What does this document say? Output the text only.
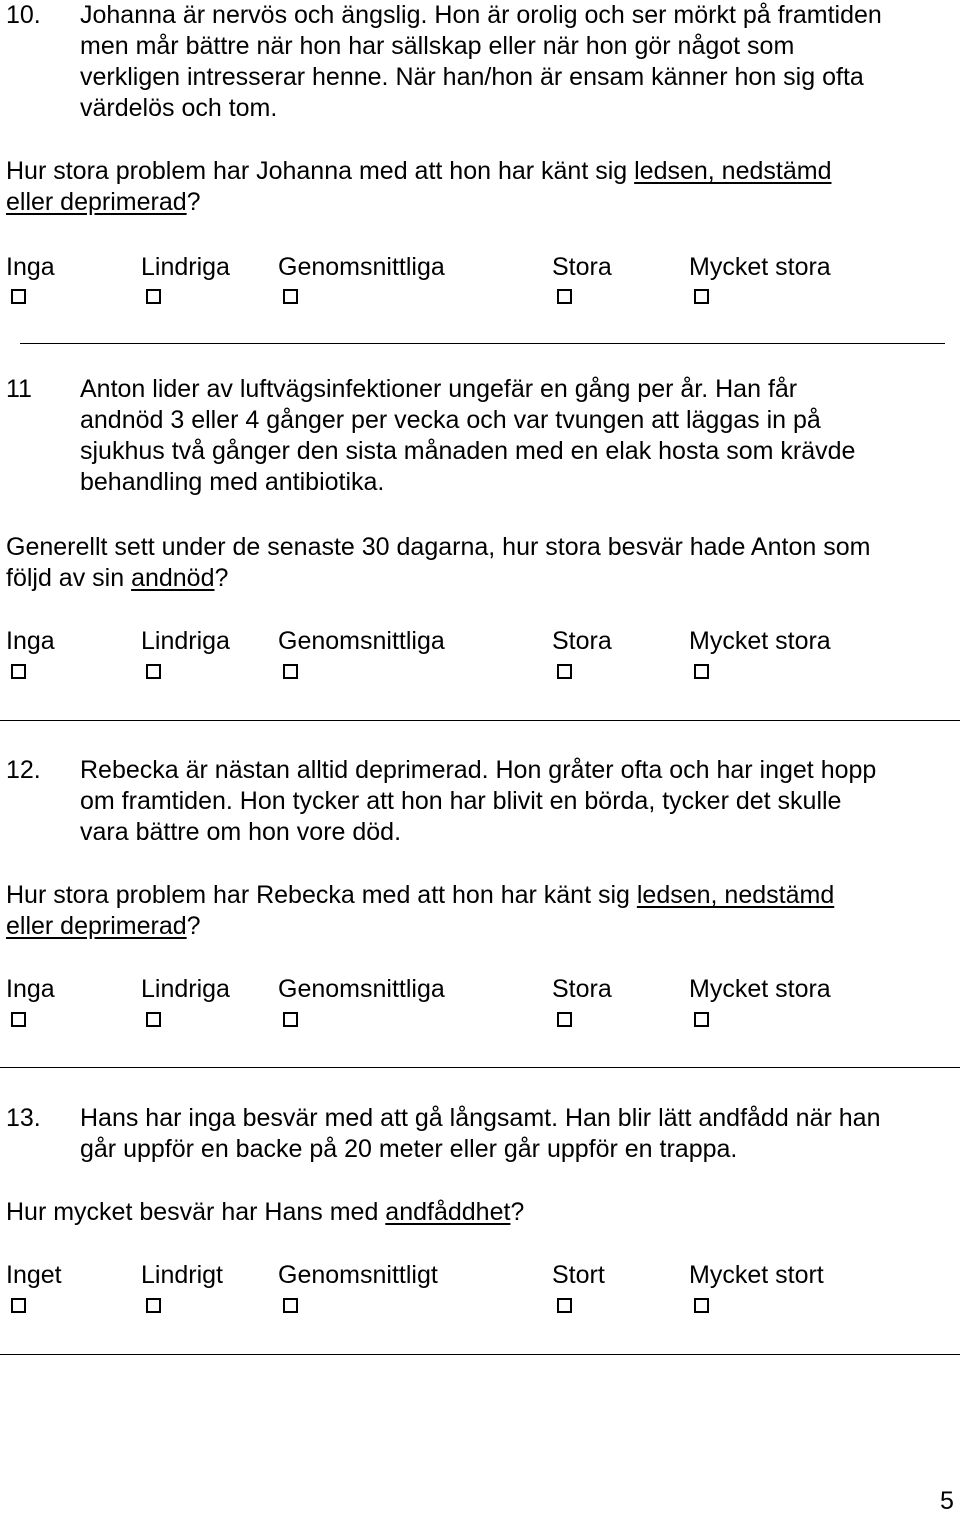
10. Johanna är nervös och ängslig. Hon är orolig och ser mörkt på framtiden
men mår bättre när hon har sällskap eller när hon gör något som
verkligen intresserar henne. När han/hon är ensam känner hon sig ofta
värdelös och tom.
Hur stora problem har Johanna med att hon har känt sig ledsen, nedstämd
eller deprimerad?
Inga	Lindriga Genomsnittliga	Stora	Mycket stora
11 Anton lider av luftvägsinfektioner ungefär en gång per år. Han får
andnöd 3 eller 4 gånger per vecka och var tvungen att läggas in på
sjukhus två gånger den sista månaden med en elak hosta som krävde
behandling med antibiotika.
Generellt sett under de senaste 30 dagarna, hur stora besvär hade Anton som
följd av sin andnöd?
Inga	Lindriga Genomsnittliga	Stora	Mycket stora
12. Rebecka är nästan alltid deprimerad. Hon gråter ofta och har inget hopp
om framtiden. Hon tycker att hon har blivit en börda, tycker det skulle
vara bättre om hon vore död.
Hur stora problem har Rebecka med att hon har känt sig ledsen, nedstämd
eller deprimerad?
Inga	Lindriga Genomsnittliga	Stora	Mycket stora
13. Hans har inga besvär med att gå långsamt. Han blir lätt andfådd när han
går uppför en backe på 20 meter eller går uppför en trappa.
Hur mycket besvär har Hans med andfåddhet?
Inget	Lindrigt Genomsnittligt	Stort	Mycket stort
5
